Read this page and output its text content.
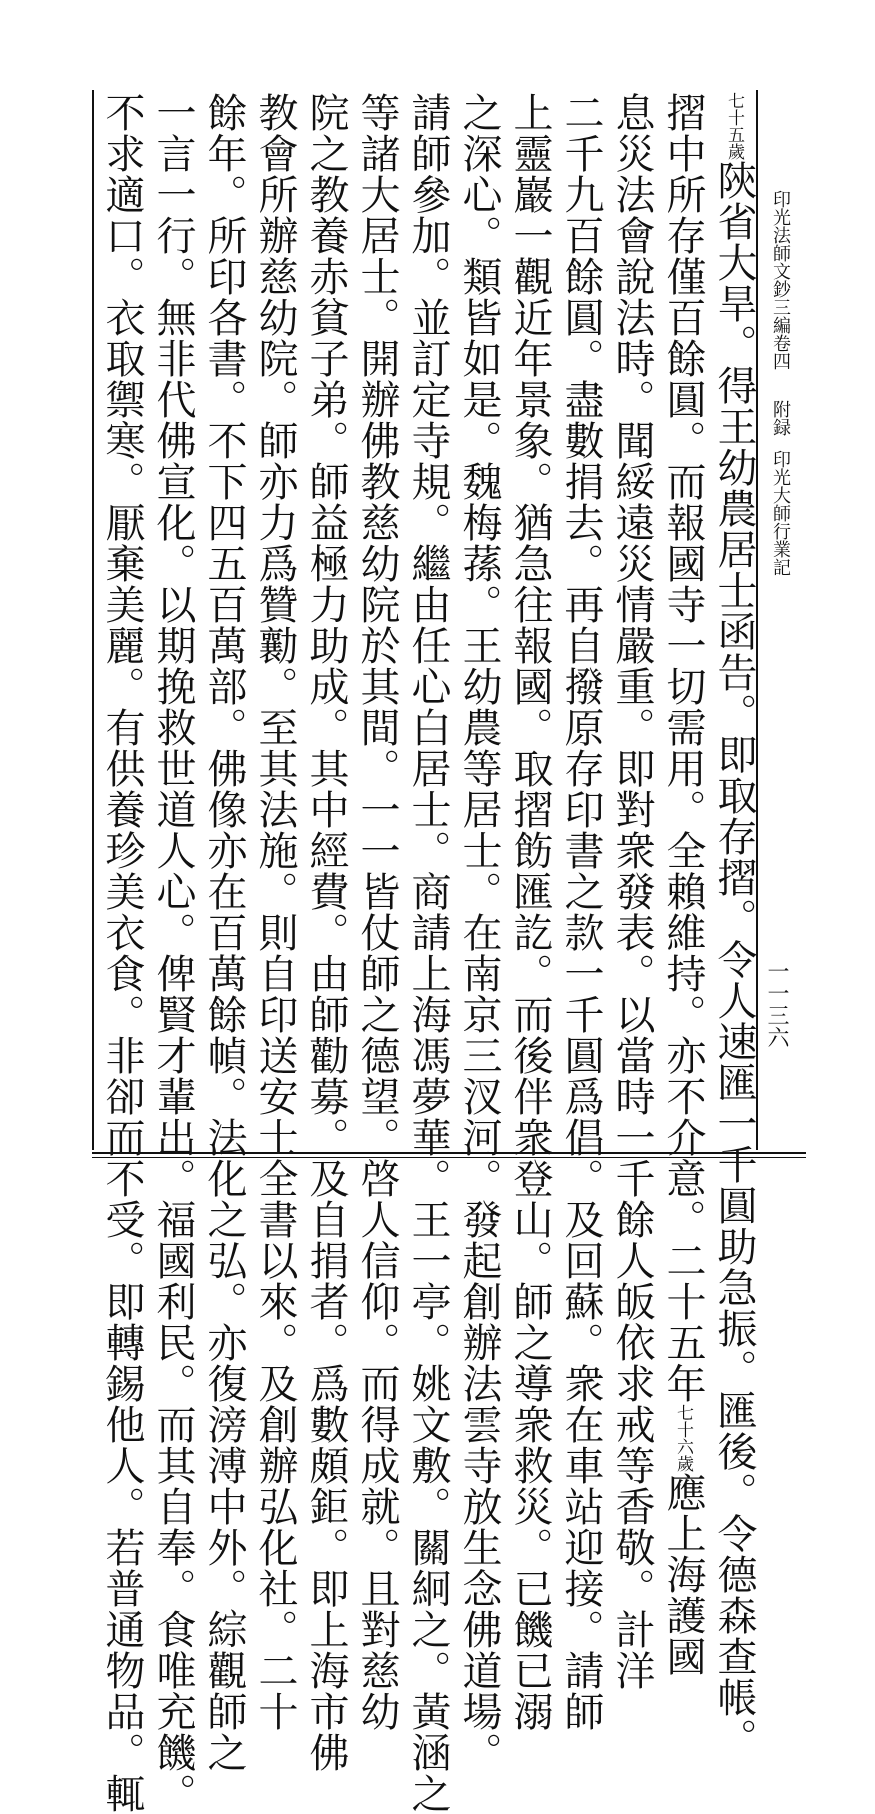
印光法師文鈔三編卷四附録印光大師行業記
一一三六
七十五歲陝省大旱。得王幼農居士函告。即取存摺。令人速匯一千圓助急振。匯後。令德森查帳。
摺中所存僅百餘圓。而報國寺一切需用。全賴維持。亦不介意。二十五年七十六歲應上海護國
息災法會說法時。聞綏遠災情嚴重。即對衆發表。以當時一千餘人皈依求戒等香敬。計洋
二千九百餘圓。盡數捐去。再自撥原存印書之款一千圓爲倡。及回蘇。衆在車站迎接。請師
上靈巖一觀近年景象。猶急往報國。取摺飭匯訖。而後伴衆登山。師之導衆救災。已饑已溺
之深心。類皆如是。魏梅蓀。王幼農等居士。在南京三汊河。發起創辦法雲寺放生念佛道場。
請師參加。並訂定寺規。繼由任心白居士。商請上海馮夢華。王一亭。姚文敷。關絅之。黃涵之
等諸大居士。開辦佛教慈幼院於其間。一一皆仗師之德望。啓人信仰。而得成就。且對慈幼
院之教養赤貧子弟。師益極力助成。其中經費。由師勸募。及自捐者。爲數頗鉅。即上海市佛
教會所辦慈幼院。師亦力爲贊勷。至其法施。則自印送安士全書以來。及創辦弘化社。二十
餘年。所印各書。不下四五百萬部。佛像亦在百萬餘幀。法化之弘。亦復滂溥中外。綜觀師之
一言一行。無非代佛宣化。以期挽救世道人心。俾賢才輩出。福國利民。而其自奉。食唯充饑。
不求適口。衣取禦寒。厭棄美麗。有供養珍美衣食。非卻而不受。即轉錫他人。若普通物品。輒
